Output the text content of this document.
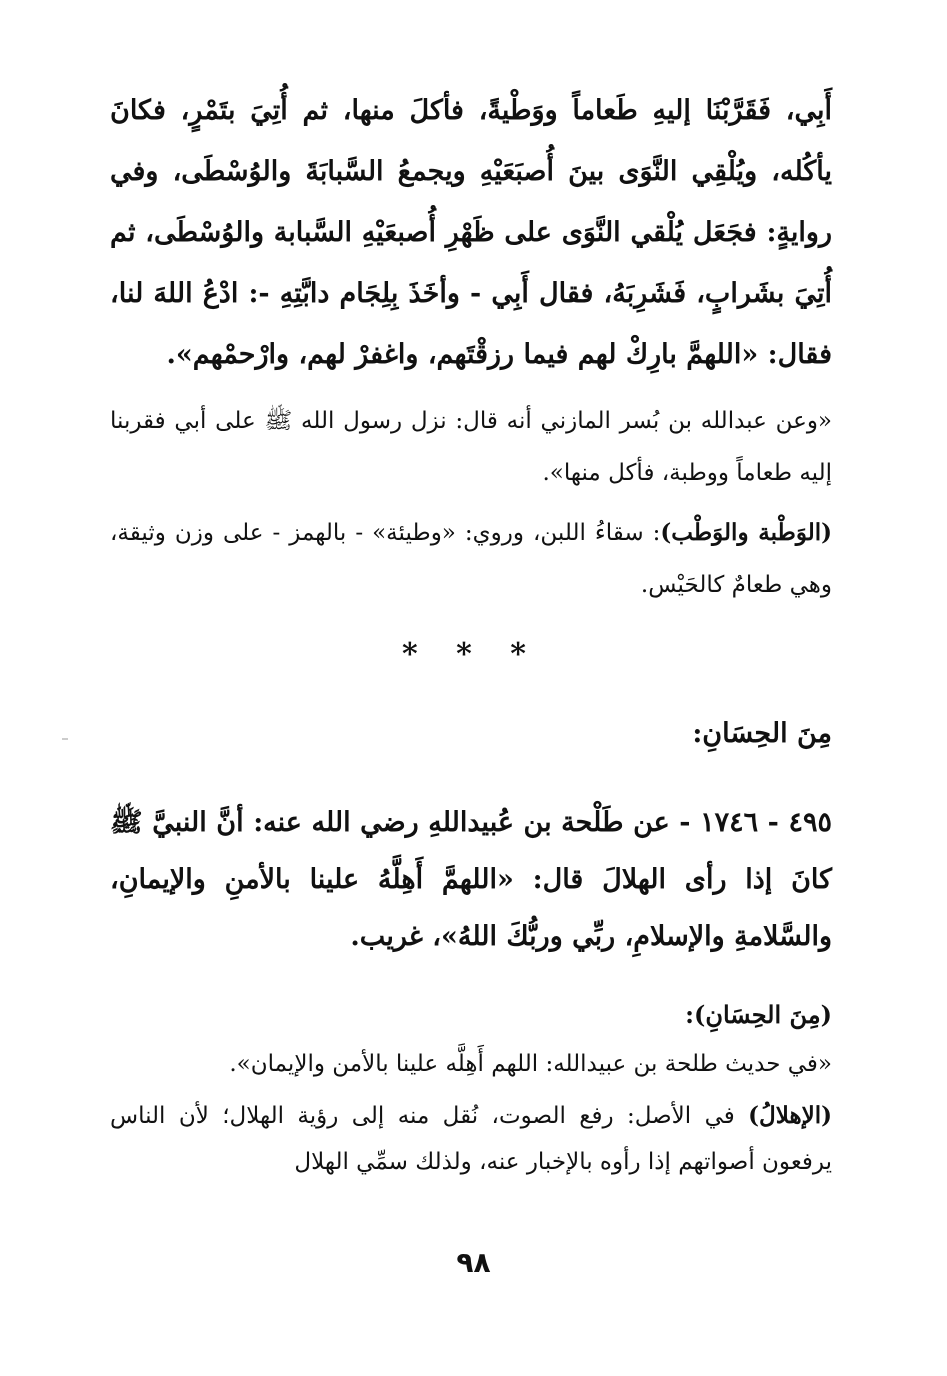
أَبِي، فَقَرَّبْنَا إليهِ طَعاماً ووَطْيةً، فأكلَ منها، ثم أُتِيَ بتَمْرٍ، فكانَ يأكُله، ويُلْقِي النَّوَى بينَ أُصبَعَيْهِ ويجمعُ السَّبابَةَ والوُسْطَى، وفي روايةٍ: فجَعَل يُلْقي النَّوَى على ظَهْرِ أُصبعَيْهِ السَّبابة والوُسْطَى، ثم أُتِيَ بشَرابٍ، فَشَرِبَهُ، فقال أَبِي - وأخَذَ بِلِجَام دابَّتِهِ -: ادْعُ اللهَ لنا، فقال: «اللهمَّ بارِكْ لهم فيما رزقْتَهم، واغفرْ لهم، وارْحمْهم».

«وعن عبدالله بن بُسر المازني أنه قال: نزل رسول الله ﷺ على أبي فقربنا إليه طعاماً ووطبة، فأكل منها».

(الوَطْبة والوَطْب): سقاءُ اللبن، وروي: «وطيئة» - بالهمز - على وزن وثيقة، وهي طعامٌ كالحَيْس.

* * *
مِنَ الحِسَانِ:

٤٩٥ - ١٧٤٦ - عن طَلْحة بن عُبيداللهِ رضي الله عنه: أنَّ النبيَّ ﷺ كانَ إذا رأى الهلالَ قال: «اللهمَّ أَهِلَّهُ علينا بالأمنِ والإيمانِ، والسَّلامةِ والإسلامِ، ربِّي وربُّكَ اللهُ»، غريب.

(مِنَ الحِسَانِ):

«في حديث طلحة بن عبيدالله: اللهم أَهِلَّه علينا بالأمن والإيمان».

(الإهلالُ) في الأصل: رفع الصوت، نُقل منه إلى رؤية الهلال؛ لأن الناس يرفعون أصواتهم إذا رأوه بالإخبار عنه، ولذلك سمِّي الهلال

٩٨
